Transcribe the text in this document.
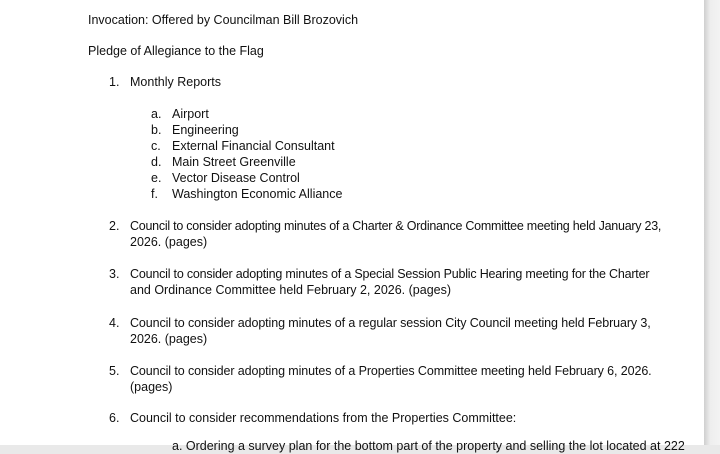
Invocation: Offered by Councilman Bill Brozovich
Pledge of Allegiance to the Flag
1. Monthly Reports
a. Airport
b. Engineering
c. External Financial Consultant
d. Main Street Greenville
e. Vector Disease Control
f. Washington Economic Alliance
2. Council to consider adopting minutes of a Charter & Ordinance Committee meeting held January 23,
2026. (pages)
3. Council to consider adopting minutes of a Special Session Public Hearing meeting for the Charter
and Ordinance Committee held February 2, 2026. (pages)
4. Council to consider adopting minutes of a regular session City Council meeting held February 3,
2026. (pages)
5. Council to consider adopting minutes of a Properties Committee meeting held February 6, 2026.
(pages)
6. Council to consider recommendations from the Properties Committee:
a. Ordering a survey plan for the bottom part of the property and selling the lot located at 222
